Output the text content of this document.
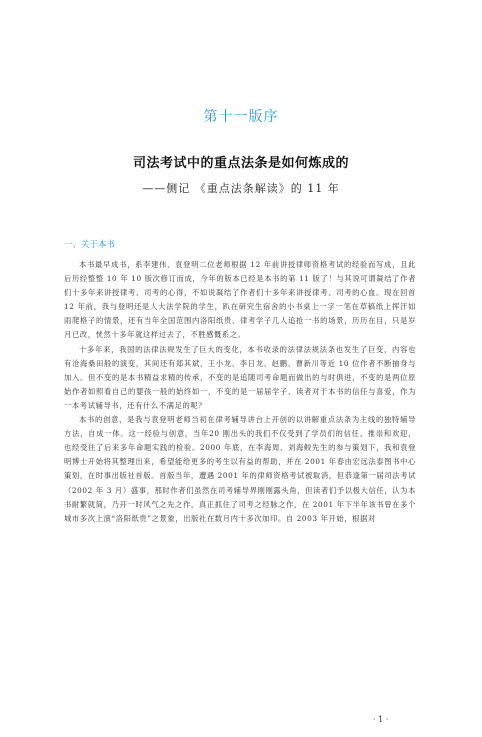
第十一版序
司法考试中的重点法条是如何炼成的
——侧记 《重点法条解读》的 11 年
一、关于本书

本书最早成书，系李建伟、袁登明二位老师根据 12 年前讲授律师资格考试的经验而写成，且此后历经整整 10 年 10 版次修订而成，今年的版本已经是本书的第 11 版了！与其说可谓凝结了作者们十多年来讲授律考、司考的心得，不如说凝结了作者们十多年来讲授律考、司考的心血。现在回首 12 年前，我与登明还是人大法学院的学生，趴在研究生宿舍的小书桌上一字一笔在草稿纸上挥汗如雨爬格子的情景，还有当年全国范围内洛阳纸贵、律考学子几人追抢一书的场景，历历在目，只是岁月已改，恍然十多年就这样过去了，不胜感慨系之。

十多年来，我国的法律法规发生了巨大的变化，本书收录的法律法规法条也发生了巨变，内容也有沧海桑田般的演变，其间还有郑其斌、王小龙、李日龙、赵鹏、曹新川等近 10 位作者不断抽身与加入。但不变的是本书精益求精的传承，不变的是追随司考命题而做出的与时俱进，不变的是两位原始作者如照看自己的婴孩一般的始终如一，不变的是一届届学子、读者对于本书的信任与喜爱，作为一本考试辅导书，还有什么不满足的呢？

本书的创意，是我与袁登明老师当初在律考辅导讲台上开创的以讲解重点法条为主线的独特辅导方法，自成一体。这一经验与创意，当年20 刚出头的我们不仅受到了学员们的信任、推崇和欢迎，也经受住了后来多年命题实践的检验。2000 年底，在李海周、刘海鲛先生的参与策划下，我和袁登明博士开始将其整理出来，希望能给更多的考生以有益的帮助，并在 2001 年春由宏远法泰图书中心策划，在时事出版社首版。首版当年，遭遇 2001 年的律师资格考试被取消，但恭逢第一届司法考试（2002 年 3 月）盛事，那时作者们虽然在司考辅导界刚刚露头角，但读者们予以极大信任，认为本书耐繁就简，乃开一时风气之先之作，真正抓住了司考之经脉之作，在 2001 年下半年该书曾在多个城市多次上演“洛阳纸贵”之景象，出版社在数月内十多次加印。自 2003 年开始，根据对

· 1 ·
